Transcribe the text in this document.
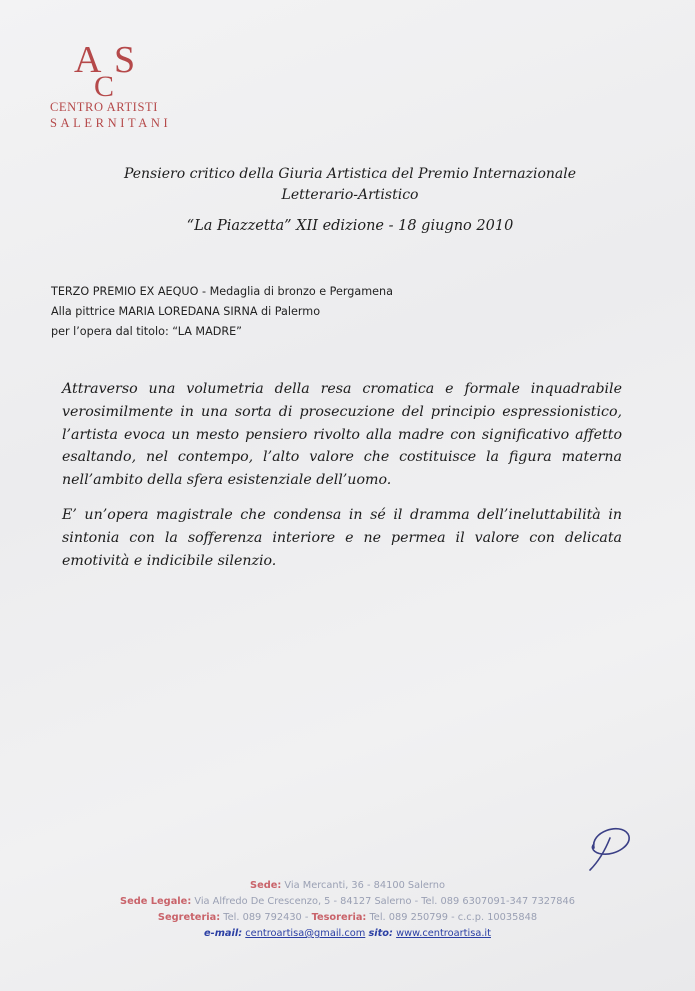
A
C
S
CENTRO ARTISTI
SALERNITANI
Pensiero critico della Giuria Artistica del Premio Internazionale
Letterario-Artistico
“La Piazzetta” XII edizione - 18 giugno 2010
TERZO PREMIO EX AEQUO - Medaglia di bronzo e Pergamena
Alla pittrice MARIA LOREDANA SIRNA di Palermo
per l’opera dal titolo: “LA MADRE”
Attraverso una volumetria della resa cromatica e formale inquadrabile verosimilmente in una sorta di prosecuzione del principio espressionistico, l’artista evoca un mesto pensiero rivolto alla madre con significativo affetto esaltando, nel contempo, l’alto valore che costituisce la figura materna nell’ambito della sfera esistenziale dell’uomo.
E’ un’opera magistrale che condensa in sé il dramma dell’ineluttabilità in sintonia con la sofferenza interiore e ne permea il valore con delicata emotività e indicibile silenzio.
Sede: Via Mercanti, 36 - 84100 Salerno
Sede Legale: Via Alfredo De Crescenzo, 5 - 84127 Salerno - Tel. 089 6307091-347 7327846
Segreteria: Tel. 089 792430 - Tesoreria: Tel. 089 250799 - c.c.p. 10035848
e-mail: centroartisa@gmail.com sito: www.centroartisa.it
